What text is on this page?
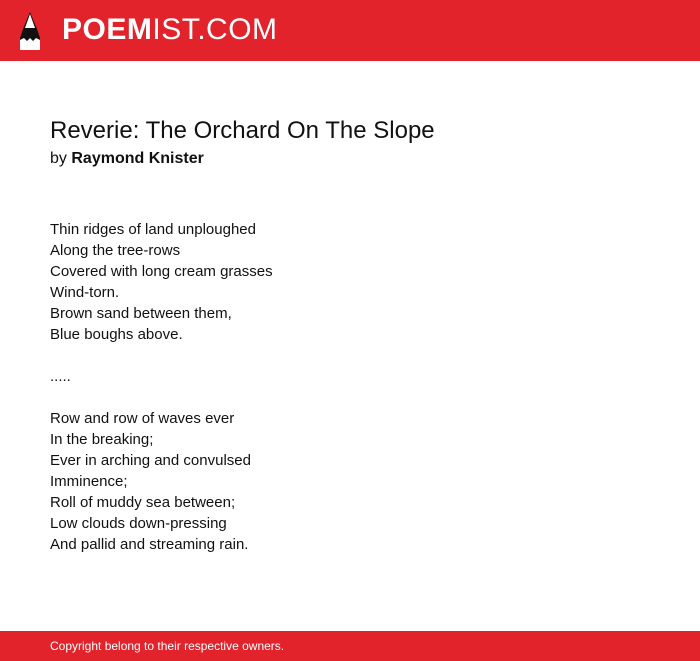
POEMIST.COM
Reverie: The Orchard On The Slope
by Raymond Knister
Thin ridges of land unploughed
Along the tree-rows
Covered with long cream grasses
Wind-torn.
Brown sand between them,
Blue boughs above.
.....
Row and row of waves ever
In the breaking;
Ever in arching and convulsed
Imminence;
Roll of muddy sea between;
Low clouds down-pressing
And pallid and streaming rain.
Copyright belong to their respective owners.
